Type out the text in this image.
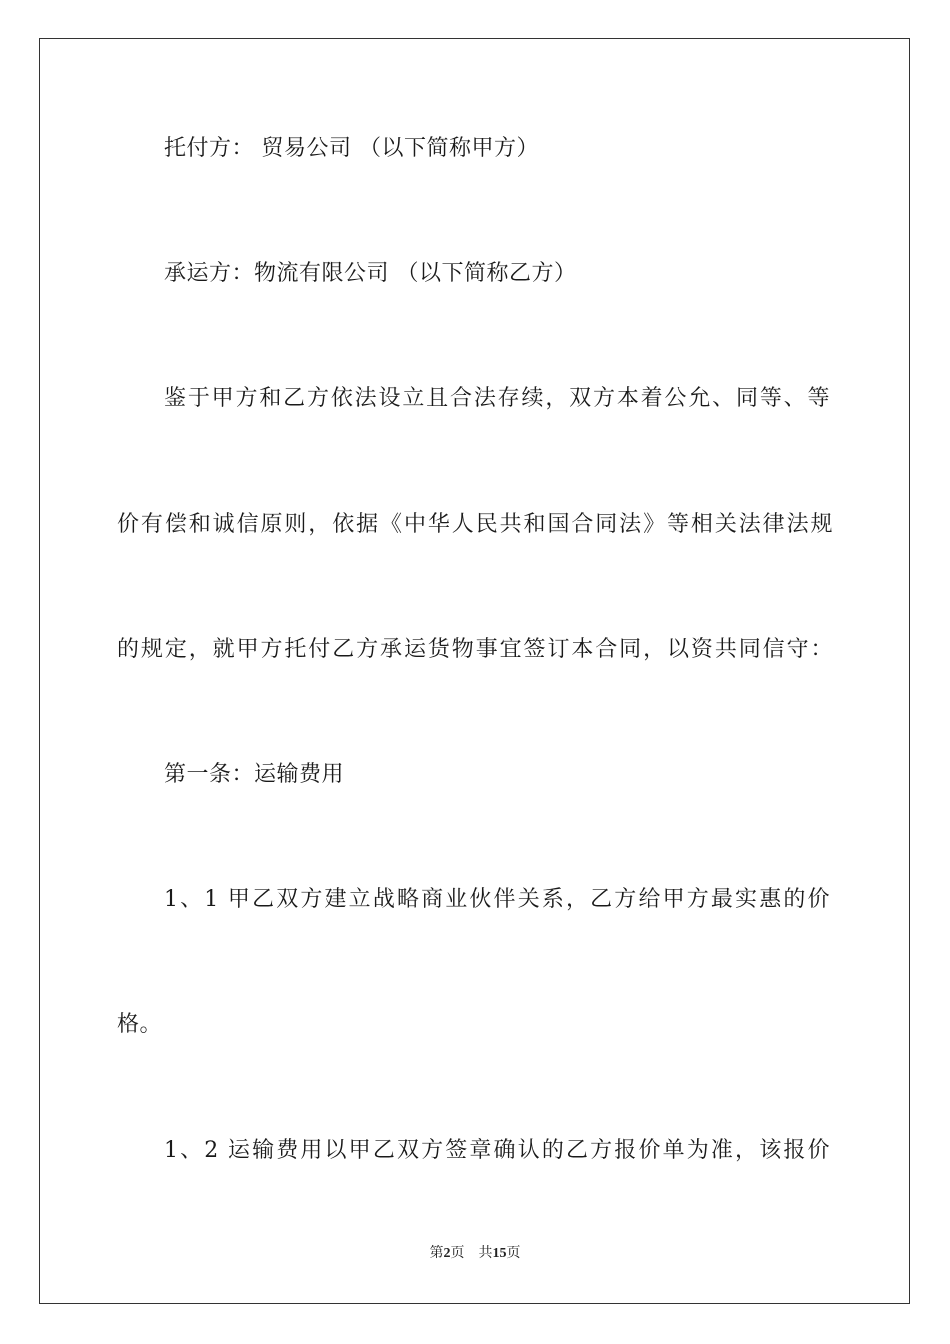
托付方： 贸易公司 （以下简称甲方）
承运方：物流有限公司 （以下简称乙方）
鉴于甲方和乙方依法设立且合法存续，双方本着公允、同等、等
价有偿和诚信原则，依据《中华人民共和国合同法》等相关法律法规
的规定，就甲方托付乙方承运货物事宜签订本合同，以资共同信守：
第一条：运输费用
1、1 甲乙双方建立战略商业伙伴关系，乙方给甲方最实惠的价
格。
1、2 运输费用以甲乙双方签章确认的乙方报价单为准，该报价
第2页 共15页
